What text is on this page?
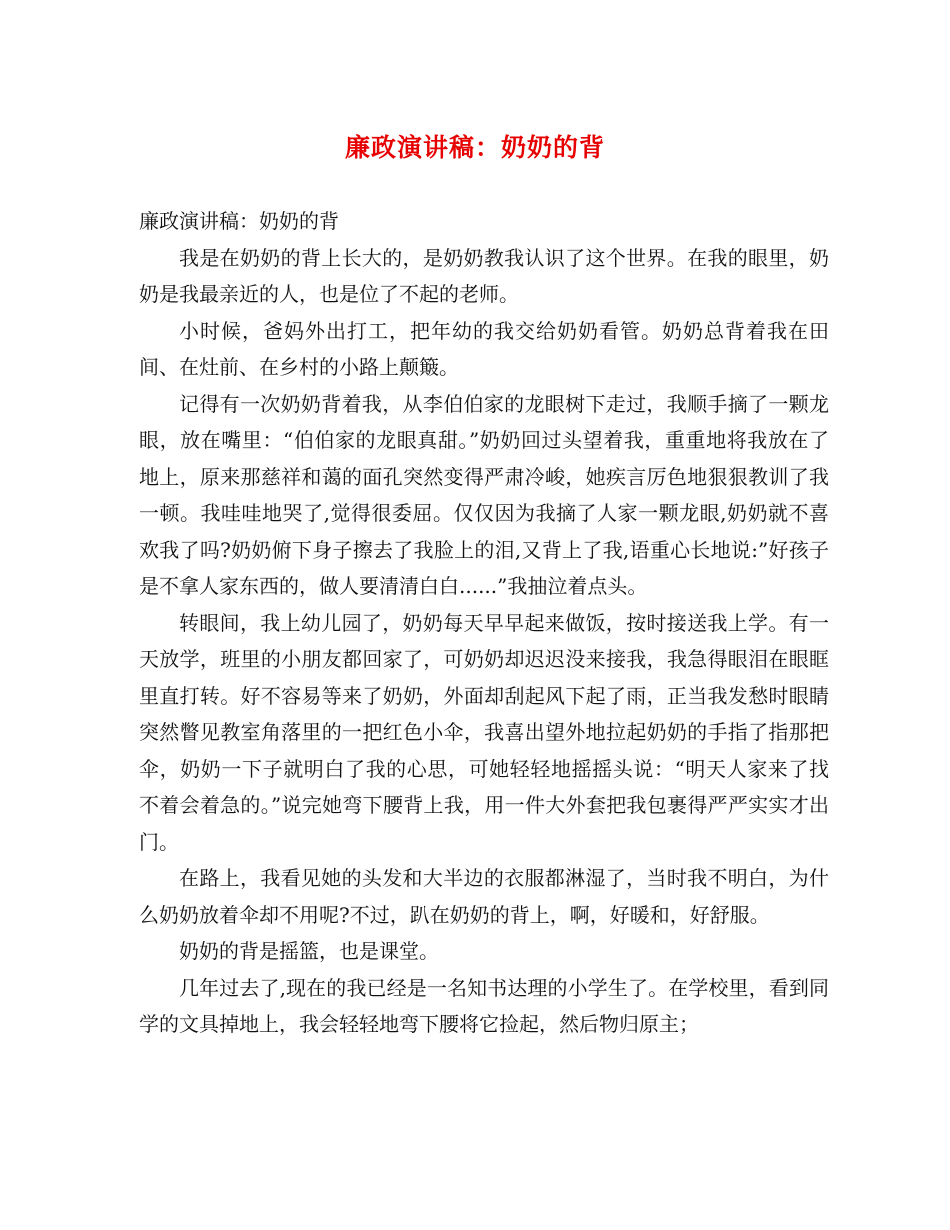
廉政演讲稿：奶奶的背

廉政演讲稿：奶奶的背

我是在奶奶的背上长大的，是奶奶教我认识了这个世界。在我的眼里，奶奶是我最亲近的人，也是位了不起的老师。

小时候，爸妈外出打工，把年幼的我交给奶奶看管。奶奶总背着我在田间、在灶前、在乡村的小路上颠簸。

记得有一次奶奶背着我，从李伯伯家的龙眼树下走过，我顺手摘了一颗龙眼，放在嘴里：“伯伯家的龙眼真甜。”奶奶回过头望着我，重重地将我放在了地上，原来那慈祥和蔼的面孔突然变得严肃冷峻，她疾言厉色地狠狠教训了我一顿。我哇哇地哭了,觉得很委屈。仅仅因为我摘了人家一颗龙眼,奶奶就不喜欢我了吗?奶奶俯下身子擦去了我脸上的泪,又背上了我,语重心长地说:”好孩子是不拿人家东西的，做人要清清白白......”我抽泣着点头。

转眼间，我上幼儿园了，奶奶每天早早起来做饭，按时接送我上学。有一天放学，班里的小朋友都回家了，可奶奶却迟迟没来接我，我急得眼泪在眼眶里直打转。好不容易等来了奶奶，外面却刮起风下起了雨，正当我发愁时眼睛突然瞥见教室角落里的一把红色小伞，我喜出望外地拉起奶奶的手指了指那把伞，奶奶一下子就明白了我的心思，可她轻轻地摇摇头说：“明天人家来了找不着会着急的。”说完她弯下腰背上我，用一件大外套把我包裹得严严实实才出门。

在路上，我看见她的头发和大半边的衣服都淋湿了，当时我不明白，为什么奶奶放着伞却不用呢?不过，趴在奶奶的背上，啊，好暖和，好舒服。

奶奶的背是摇篮，也是课堂。

几年过去了,现在的我已经是一名知书达理的小学生了。在学校里，看到同学的文具掉地上，我会轻轻地弯下腰将它捡起，然后物归原主；
